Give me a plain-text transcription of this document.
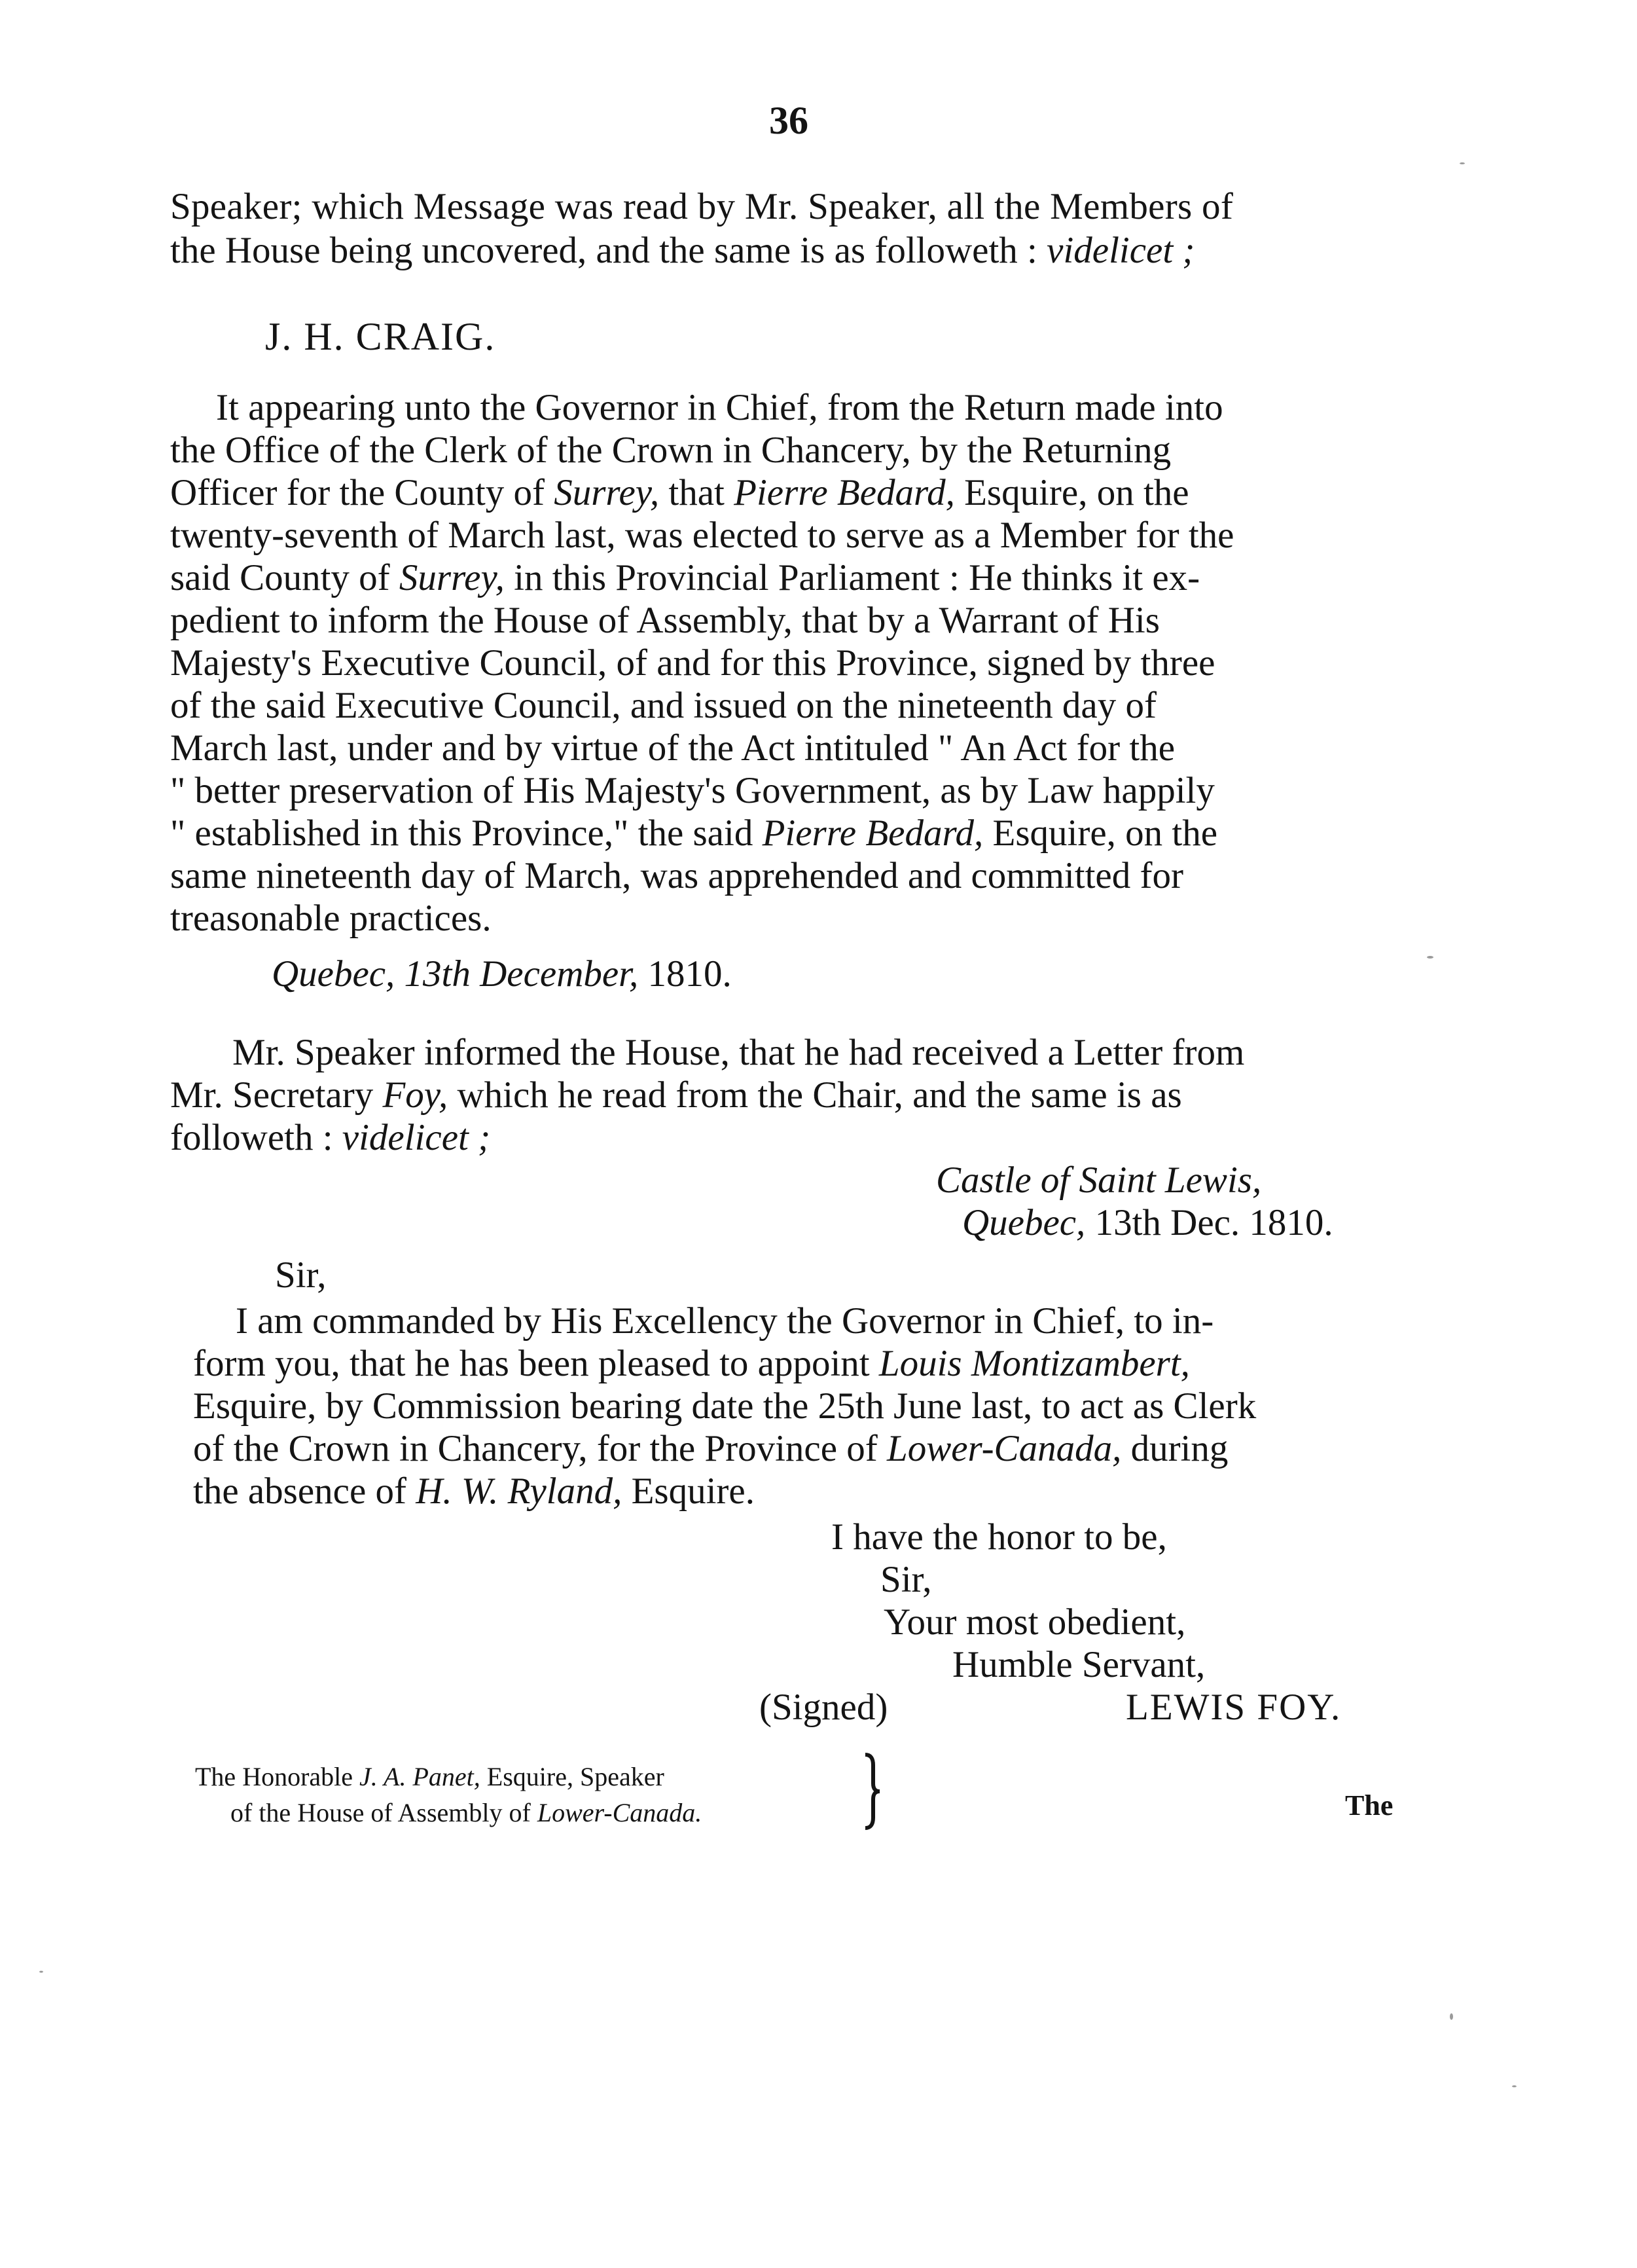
36
Speaker; which Message was read by Mr. Speaker, all the Members of
the House being uncovered, and the same is as followeth : videlicet ;
J. H. CRAIG.
It appearing unto the Governor in Chief, from the Return made into
the Office of the Clerk of the Crown in Chancery, by the Returning
Officer for the County of Surrey, that Pierre Bedard, Esquire, on the
twenty-seventh of March last, was elected to serve as a Member for the
said County of Surrey, in this Provincial Parliament : He thinks it ex-
pedient to inform the House of Assembly, that by a Warrant of His
Majesty's Executive Council, of and for this Province, signed by three
of the said Executive Council, and issued on the nineteenth day of
March last, under and by virtue of the Act intituled " An Act for the
" better preservation of His Majesty's Government, as by Law happily
" established in this Province," the said Pierre Bedard, Esquire, on the
same nineteenth day of March, was apprehended and committed for
treasonable practices.
Quebec, 13th December, 1810.
Mr. Speaker informed the House, that he had received a Letter from
Mr. Secretary Foy, which he read from the Chair, and the same is as
followeth : videlicet ;
Castle of Saint Lewis,
Quebec, 13th Dec. 1810.
Sir,
I am commanded by His Excellency the Governor in Chief, to in-
form you, that he has been pleased to appoint Louis Montizambert,
Esquire, by Commission bearing date the 25th June last, to act as Clerk
of the Crown in Chancery, for the Province of Lower-Canada, during
the absence of H. W. Ryland, Esquire.
I have the honor to be,
Sir,
Your most obedient,
Humble Servant,
(Signed)	LEWIS FOY.
The Honorable J. A. Panet, Esquire, Speaker
of the House of Assembly of Lower-Canada.	The
